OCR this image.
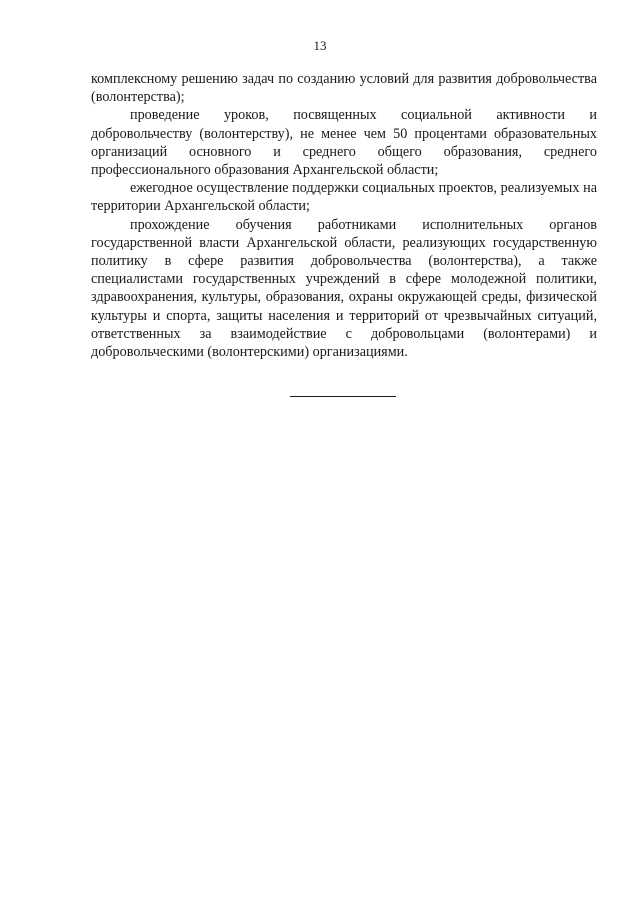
13

комплексному решению задач по созданию условий для развития добровольчества (волонтерства);

проведение уроков, посвященных социальной активности и добровольчеству (волонтерству), не менее чем 50 процентами образовательных организаций основного и среднего общего образования, среднего профессионального образования Архангельской области;

ежегодное осуществление поддержки социальных проектов, реализуемых на территории Архангельской области;

прохождение обучения работниками исполнительных органов государственной власти Архангельской области, реализующих государственную политику в сфере развития добровольчества (волонтерства), а также специалистами государственных учреждений в сфере молодежной политики, здравоохранения, культуры, образования, охраны окружающей среды, физической культуры и спорта, защиты населения и территорий от чрезвычайных ситуаций, ответственных за взаимодействие с добровольцами (волонтерами) и добровольческими (волонтерскими) организациями.
